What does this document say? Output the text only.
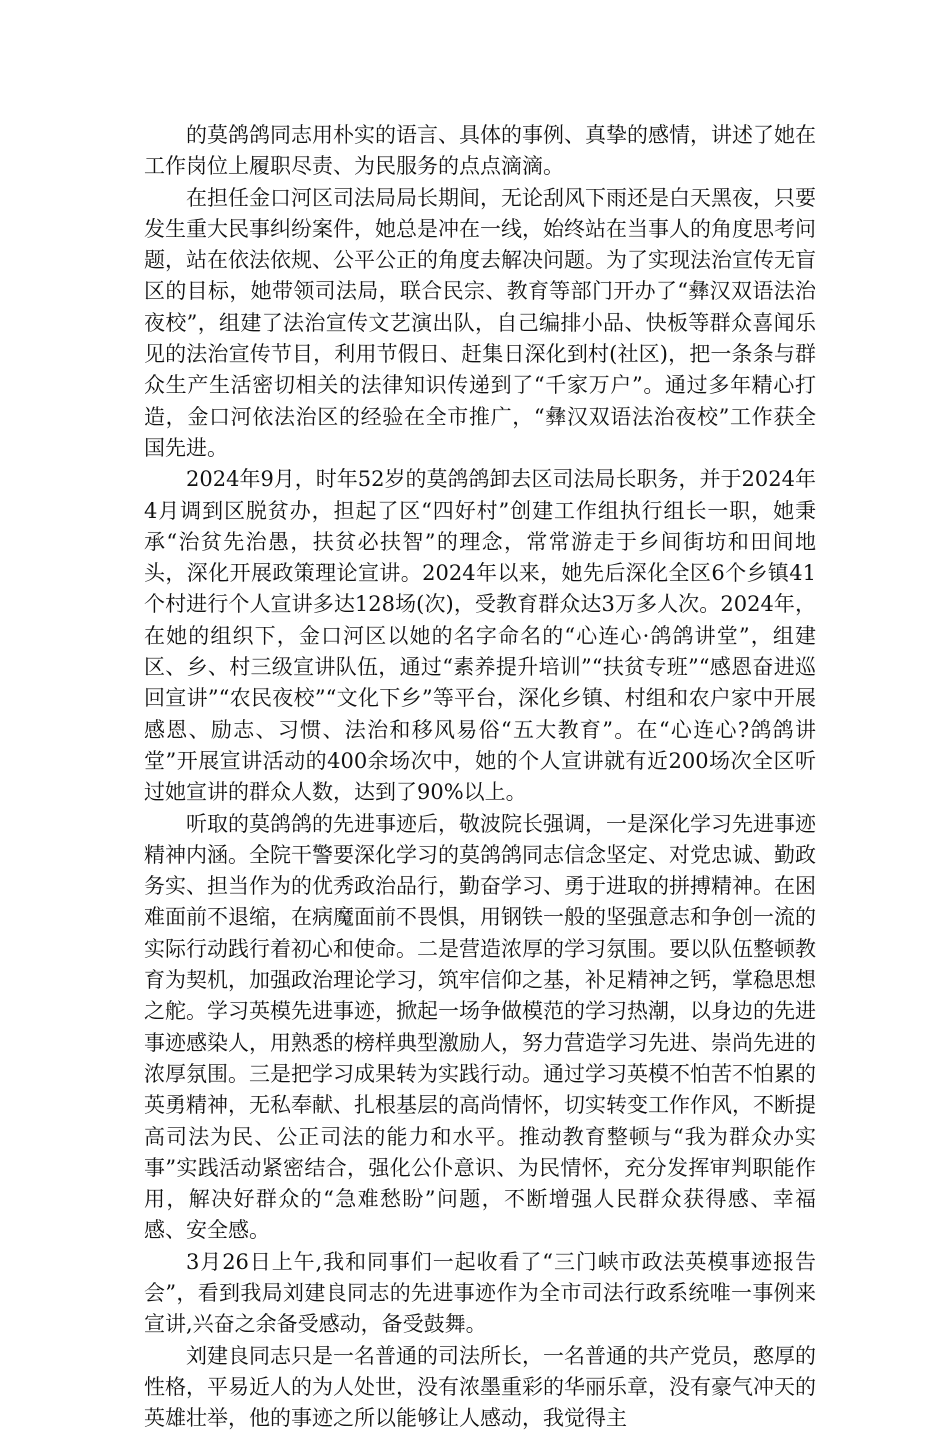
的莫鸽鸽同志用朴实的语言、具体的事例、真挚的感情，讲述了她在工作岗位上履职尽责、为民服务的点点滴滴。

在担任金口河区司法局局长期间，无论刮风下雨还是白天黑夜，只要发生重大民事纠纷案件，她总是冲在一线，始终站在当事人的角度思考问题，站在依法依规、公平公正的角度去解决问题。为了实现法治宣传无盲区的目标，她带领司法局，联合民宗、教育等部门开办了“彝汉双语法治夜校”，组建了法治宣传文艺演出队，自己编排小品、快板等群众喜闻乐见的法治宣传节目，利用节假日、赶集日深化到村(社区)，把一条条与群众生产生活密切相关的法律知识传递到了“千家万户”。通过多年精心打造，金口河依法治区的经验在全市推广，“彝汉双语法治夜校”工作获全国先进。

2024年9月，时年52岁的莫鸽鸽卸去区司法局长职务，并于2024年4月调到区脱贫办，担起了区“四好村”创建工作组执行组长一职，她秉承“治贫先治愚，扶贫必扶智”的理念，常常游走于乡间街坊和田间地头，深化开展政策理论宣讲。2024年以来，她先后深化全区6个乡镇41个村进行个人宣讲多达128场(次)，受教育群众达3万多人次。2024年，在她的组织下，金口河区以她的名字命名的“心连心·鸽鸽讲堂”，组建区、乡、村三级宣讲队伍，通过“素养提升培训”“扶贫专班”“感恩奋进巡回宣讲”“农民夜校”“文化下乡”等平台，深化乡镇、村组和农户家中开展感恩、励志、习惯、法治和移风易俗“五大教育”。在“心连心?鸽鸽讲堂”开展宣讲活动的400余场次中，她的个人宣讲就有近200场次全区听过她宣讲的群众人数，达到了90%以上。

听取的莫鸽鸽的先进事迹后，敬波院长强调，一是深化学习先进事迹精神内涵。全院干警要深化学习的莫鸽鸽同志信念坚定、对党忠诚、勤政务实、担当作为的优秀政治品行，勤奋学习、勇于进取的拼搏精神。在困难面前不退缩，在病魔面前不畏惧，用钢铁一般的坚强意志和争创一流的实际行动践行着初心和使命。二是营造浓厚的学习氛围。要以队伍整顿教育为契机，加强政治理论学习，筑牢信仰之基，补足精神之钙，掌稳思想之舵。学习英模先进事迹，掀起一场争做模范的学习热潮，以身边的先进事迹感染人，用熟悉的榜样典型激励人，努力营造学习先进、崇尚先进的浓厚氛围。三是把学习成果转为实践行动。通过学习英模不怕苦不怕累的英勇精神，无私奉献、扎根基层的高尚情怀，切实转变工作作风，不断提高司法为民、公正司法的能力和水平。推动教育整顿与“我为群众办实事”实践活动紧密结合，强化公仆意识、为民情怀，充分发挥审判职能作用，解决好群众的“急难愁盼”问题，不断增强人民群众获得感、幸福感、安全感。

3月26日上午,我和同事们一起收看了“三门峡市政法英模事迹报告会”，看到我局刘建良同志的先进事迹作为全市司法行政系统唯一事例来宣讲,兴奋之余备受感动，备受鼓舞。

刘建良同志只是一名普通的司法所长，一名普通的共产党员，憨厚的性格，平易近人的为人处世，没有浓墨重彩的华丽乐章，没有豪气冲天的英雄壮举，他的事迹之所以能够让人感动，我觉得主
